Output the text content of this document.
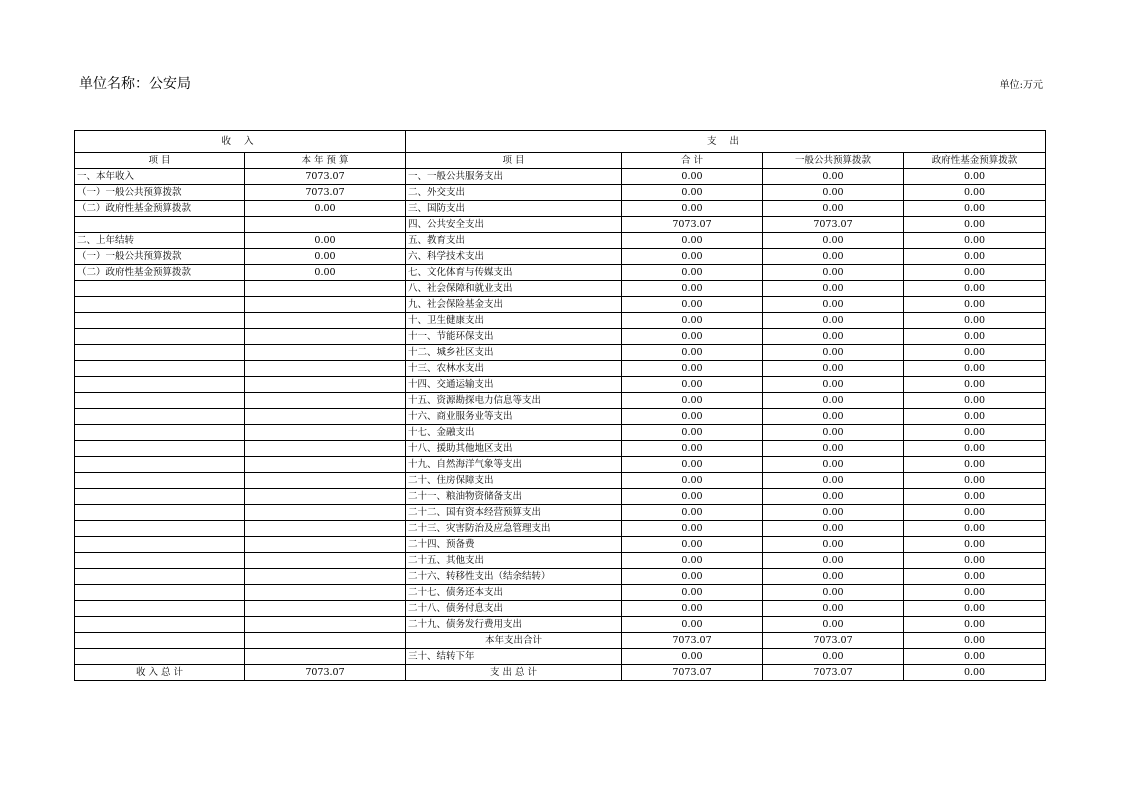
单位名称：公安局	单位:万元
收 入		支 出			
项 目	本 年 预 算	项 目	合 计	一般公共预算拨款	政府性基金预算拨款
一、本年收入	7073.07	一、一般公共服务支出	0.00	0.00	0.00
（一）一般公共预算拨款	7073.07	二、外交支出	0.00	0.00	0.00
（二）政府性基金预算拨款	0.00	三、国防支出	0.00	0.00	0.00
		四、公共安全支出	7073.07	7073.07	0.00
二、上年结转	0.00	五、教育支出	0.00	0.00	0.00
（一）一般公共预算拨款	0.00	六、科学技术支出	0.00	0.00	0.00
（二）政府性基金预算拨款	0.00	七、文化体育与传媒支出	0.00	0.00	0.00
		八、社会保障和就业支出	0.00	0.00	0.00
		九、社会保险基金支出	0.00	0.00	0.00
		十、卫生健康支出	0.00	0.00	0.00
		十一、节能环保支出	0.00	0.00	0.00
		十二、城乡社区支出	0.00	0.00	0.00
		十三、农林水支出	0.00	0.00	0.00
		十四、交通运输支出	0.00	0.00	0.00
		十五、资源勘探电力信息等支出	0.00	0.00	0.00
		十六、商业服务业等支出	0.00	0.00	0.00
		十七、金融支出	0.00	0.00	0.00
		十八、援助其他地区支出	0.00	0.00	0.00
		十九、自然海洋气象等支出	0.00	0.00	0.00
		二十、住房保障支出	0.00	0.00	0.00
		二十一、粮油物资储备支出	0.00	0.00	0.00
		二十二、国有资本经营预算支出	0.00	0.00	0.00
		二十三、灾害防治及应急管理支出	0.00	0.00	0.00
		二十四、预备费	0.00	0.00	0.00
		二十五、其他支出	0.00	0.00	0.00
		二十六、转移性支出（结余结转）	0.00	0.00	0.00
		二十七、债务还本支出	0.00	0.00	0.00
		二十八、债务付息支出	0.00	0.00	0.00
		二十九、债务发行费用支出	0.00	0.00	0.00
		本年支出合计	7073.07	7073.07	0.00
		三十、结转下年	0.00	0.00	0.00
收 入 总 计	7073.07	支 出 总 计	7073.07	7073.07	0.00
